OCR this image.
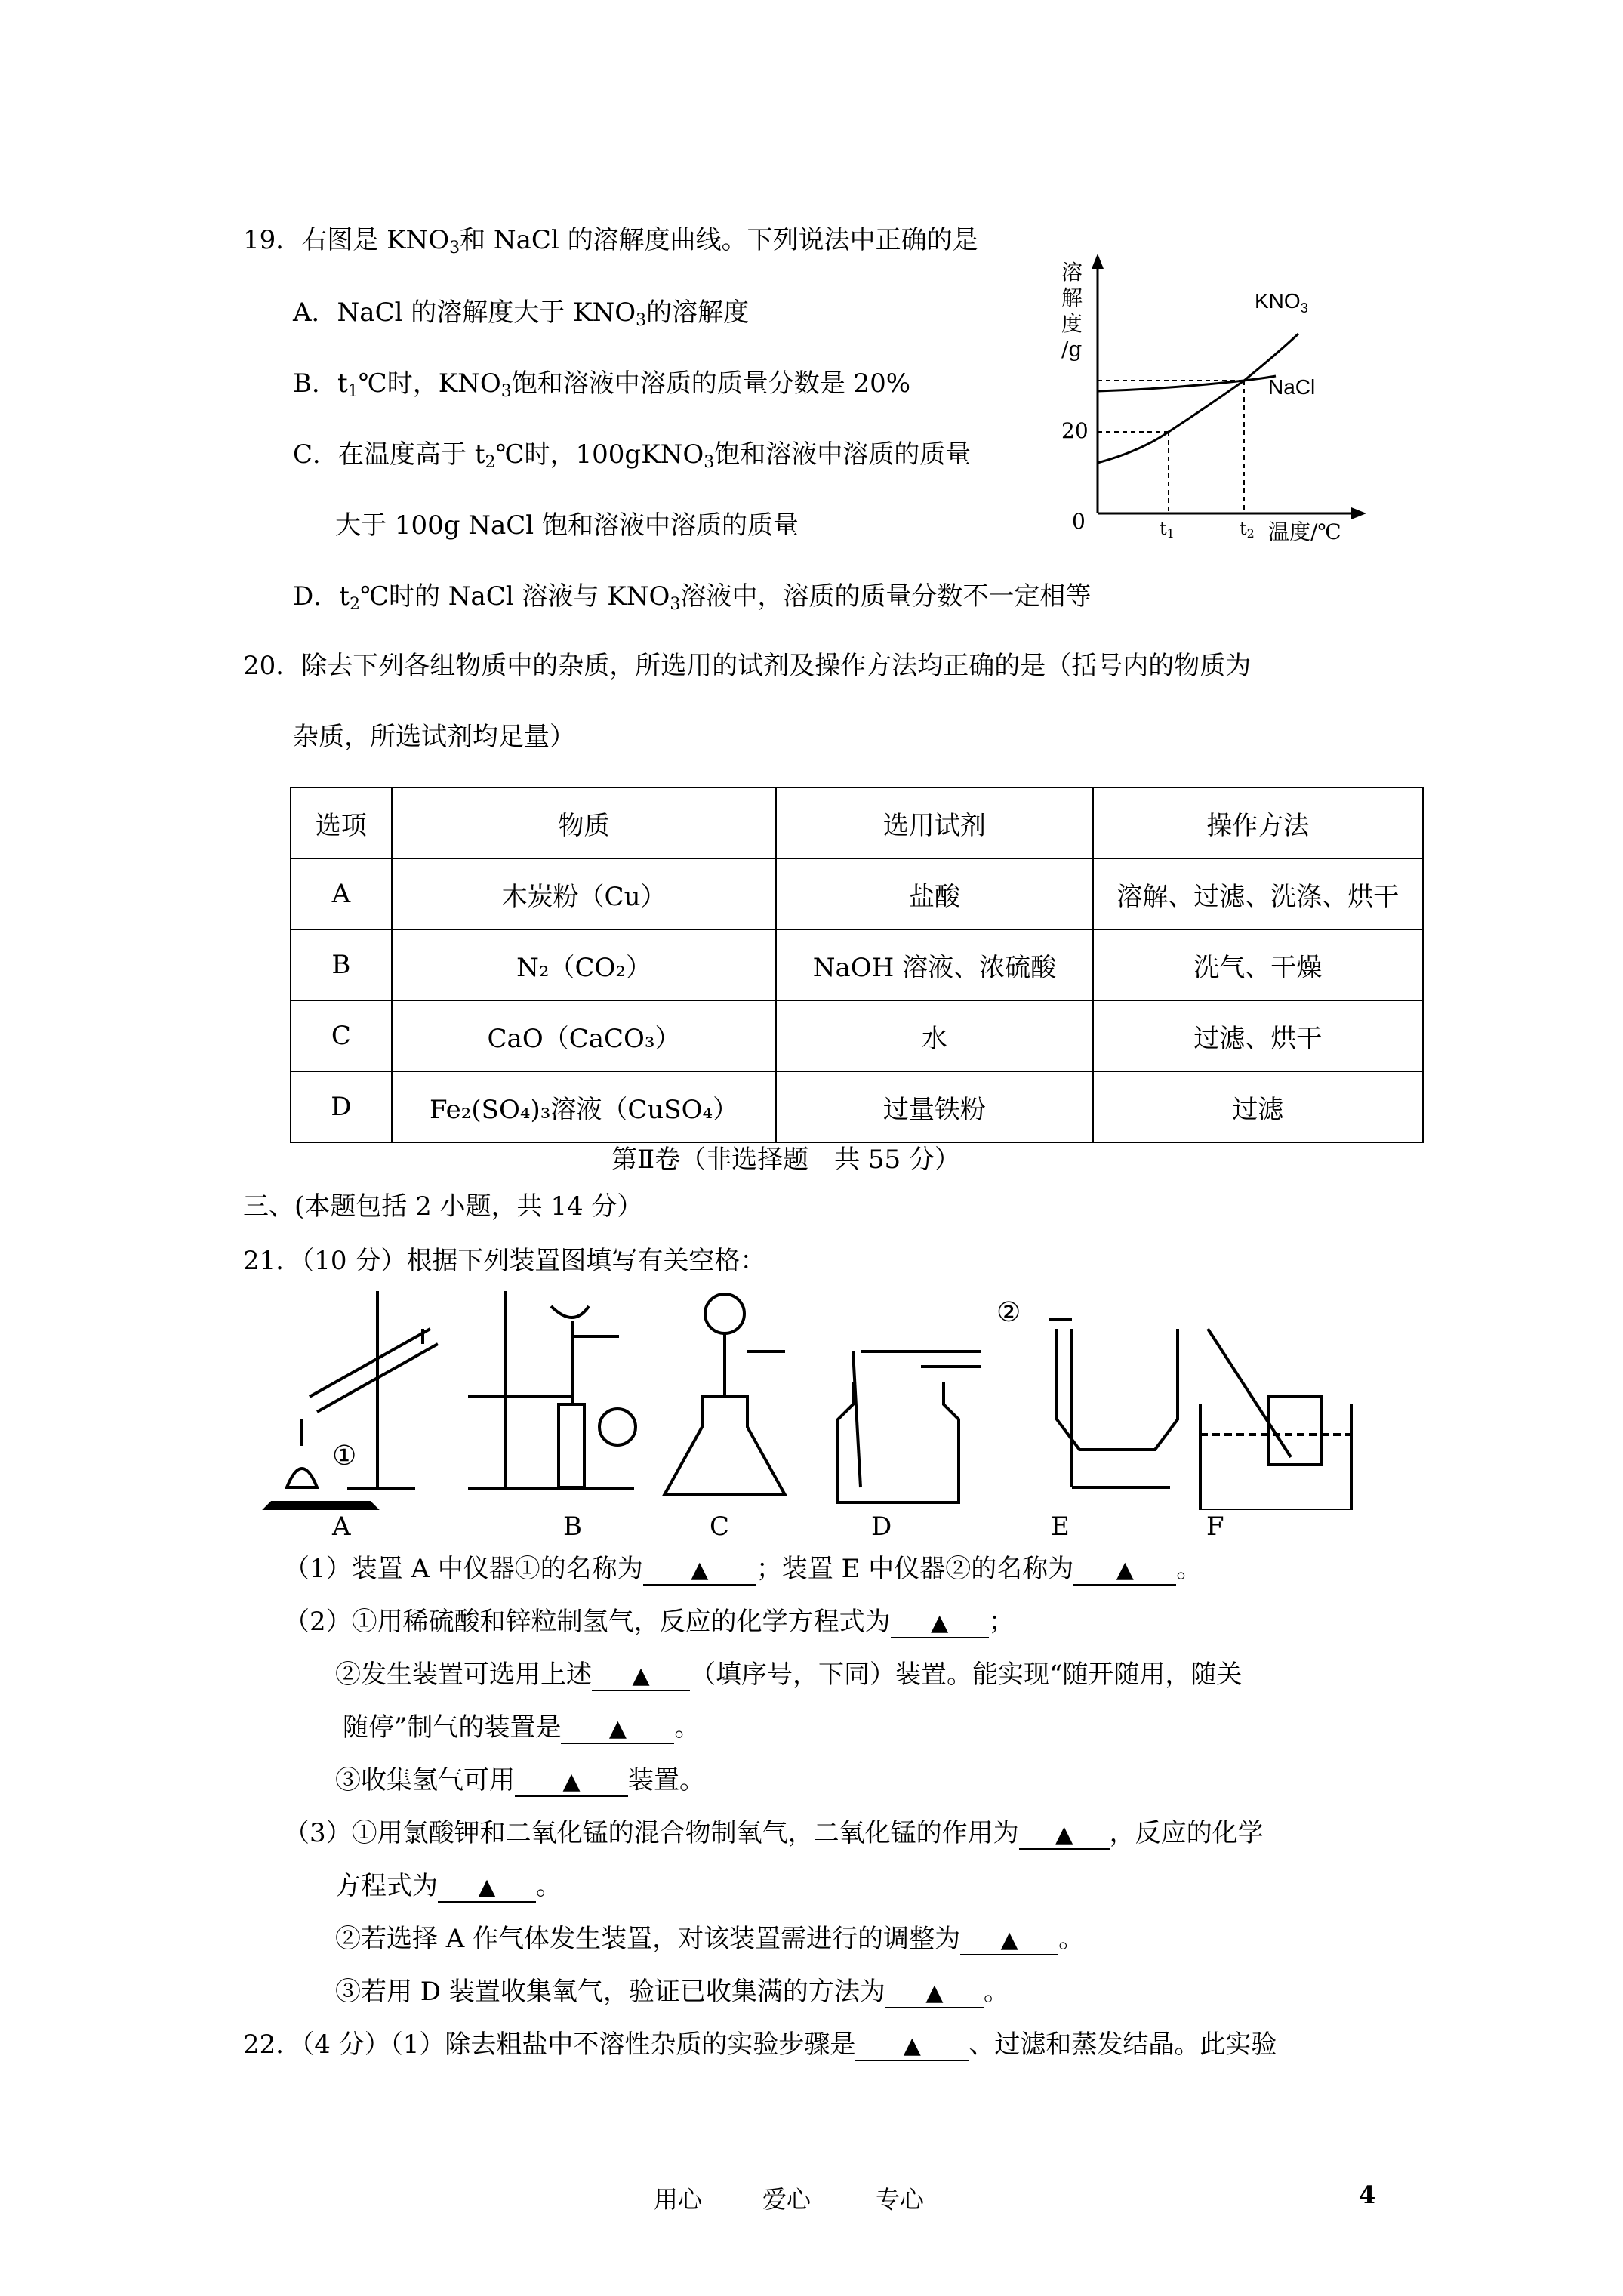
19．右图是 $KNO_3$和 NaCl 的溶解度曲线。下列说法中正确的是
A．NaCl 的溶解度大于 $KNO_3$的溶解度
B．$t_1℃$时，$KNO_3$饱和溶液中溶质的质量分数是 20%
C．在温度高于 $t_2℃$时，100gKNO$_3$饱和溶液中溶质的质量
大于 100g NaCl 饱和溶液中溶质的质量
D．$t_2℃$时的 NaCl 溶液与 $KNO_3$溶液中，溶质的质量分数不一定相等
溶
解
度
/g
20
0	t1	t2 温度/℃
$KNO_3$
NaCl
20．除去下列各组物质中的杂质，所选用的试剂及操作方法均正确的是（括号内的物质为
杂质，所选试剂均足量）
选项	物质	选用试剂	操作方法
A	木炭粉（Cu）	盐酸	溶解、过滤、洗涤、烘干
B	N₂（CO₂）	NaOH 溶液、浓硫酸	洗气、干燥
C	CaO（CaCO₃）	水	过滤、烘干
D	Fe₂(SO₄)₃溶液（CuSO₄）	过量铁粉	过滤
第Ⅱ卷（非选择题　共 55 分）
三、(本题包括 2 小题，共 14 分）
21．（10 分）根据下列装置图填写有关空格：
①
②
A	B	C	D	E	F
（1）装置 A 中仪器①的名称为 ▲ ；装置 E 中仪器②的名称为 ▲ 。
（2）①用稀硫酸和锌粒制氢气，反应的化学方程式为 ▲ ；
②发生装置可选用上述 ▲ （填序号，下同）装置。能实现“随开随用，随关
随停”制气的装置是 ▲ 。
③收集氢气可用 ▲ 装置。
（3）①用氯酸钾和二氧化锰的混合物制氧气，二氧化锰的作用为 ▲ ，反应的化学
方程式为 ▲ 。
②若选择 A 作气体发生装置，对该装置需进行的调整为 ▲ 。
③若用 D 装置收集氧气，验证已收集满的方法为 ▲ 。
22．（4 分）（1）除去粗盐中不溶性杂质的实验步骤是 ▲ 、过滤和蒸发结晶。此实验
用心 爱心	专心	4
